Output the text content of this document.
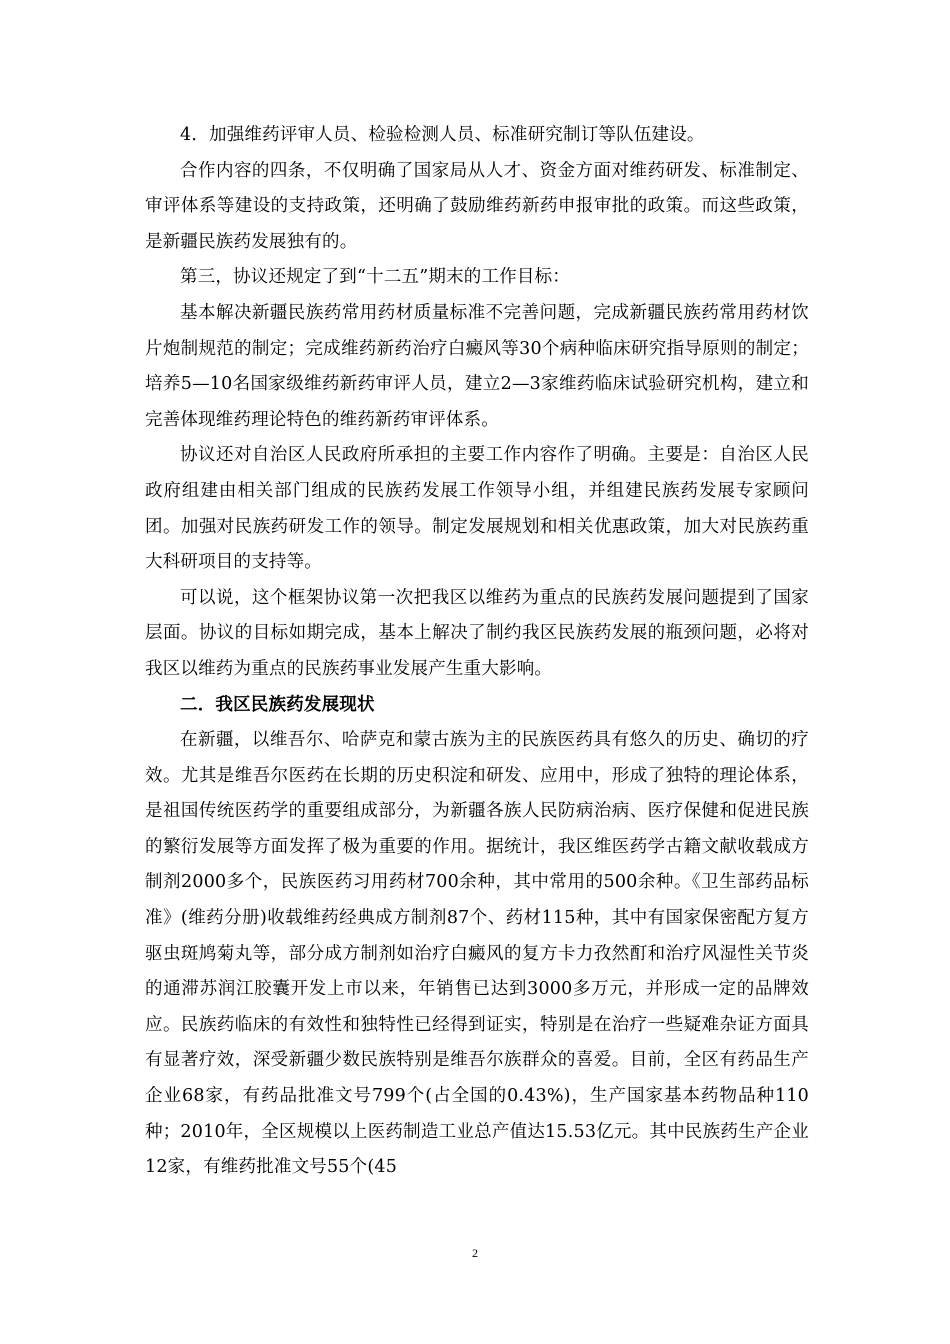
4．加强维药评审人员、检验检测人员、标准研究制订等队伍建设。

合作内容的四条，不仅明确了国家局从人才、资金方面对维药研发、标准制定、审评体系等建设的支持政策，还明确了鼓励维药新药申报审批的政策。而这些政策，是新疆民族药发展独有的。

第三，协议还规定了到“十二五”期末的工作目标：

基本解决新疆民族药常用药材质量标准不完善问题，完成新疆民族药常用药材饮片炮制规范的制定；完成维药新药治疗白癜风等30个病种临床研究指导原则的制定；培养5—10名国家级维药新药审评人员，建立2—3家维药临床试验研究机构，建立和完善体现维药理论特色的维药新药审评体系。

协议还对自治区人民政府所承担的主要工作内容作了明确。主要是：自治区人民政府组建由相关部门组成的民族药发展工作领导小组，并组建民族药发展专家顾问团。加强对民族药研发工作的领导。制定发展规划和相关优惠政策，加大对民族药重大科研项目的支持等。

可以说，这个框架协议第一次把我区以维药为重点的民族药发展问题提到了国家层面。协议的目标如期完成，基本上解决了制约我区民族药发展的瓶颈问题，必将对我区以维药为重点的民族药事业发展产生重大影响。

二．我区民族药发展现状

在新疆，以维吾尔、哈萨克和蒙古族为主的民族医药具有悠久的历史、确切的疗效。尤其是维吾尔医药在长期的历史积淀和研发、应用中，形成了独特的理论体系，是祖国传统医药学的重要组成部分，为新疆各族人民防病治病、医疗保健和促进民族的繁衍发展等方面发挥了极为重要的作用。据统计，我区维医药学古籍文献收载成方制剂2000多个，民族医药习用药材700余种，其中常用的500余种。《卫生部药品标准》(维药分册)收载维药经典成方制剂87个、药材115种，其中有国家保密配方复方驱虫斑鸠菊丸等，部分成方制剂如治疗白癜风的复方卡力孜然酊和治疗风湿性关节炎的通滞苏润江胶囊开发上市以来，年销售已达到3000多万元，并形成一定的品牌效应。民族药临床的有效性和独特性已经得到证实，特别是在治疗一些疑难杂证方面具有显著疗效，深受新疆少数民族特别是维吾尔族群众的喜爱。目前，全区有药品生产企业68家，有药品批准文号799个(占全国的0.43%)，生产国家基本药物品种110种；2010年，全区规模以上医药制造工业总产值达15.53亿元。其中民族药生产企业12家，有维药批准文号55个(45

2
